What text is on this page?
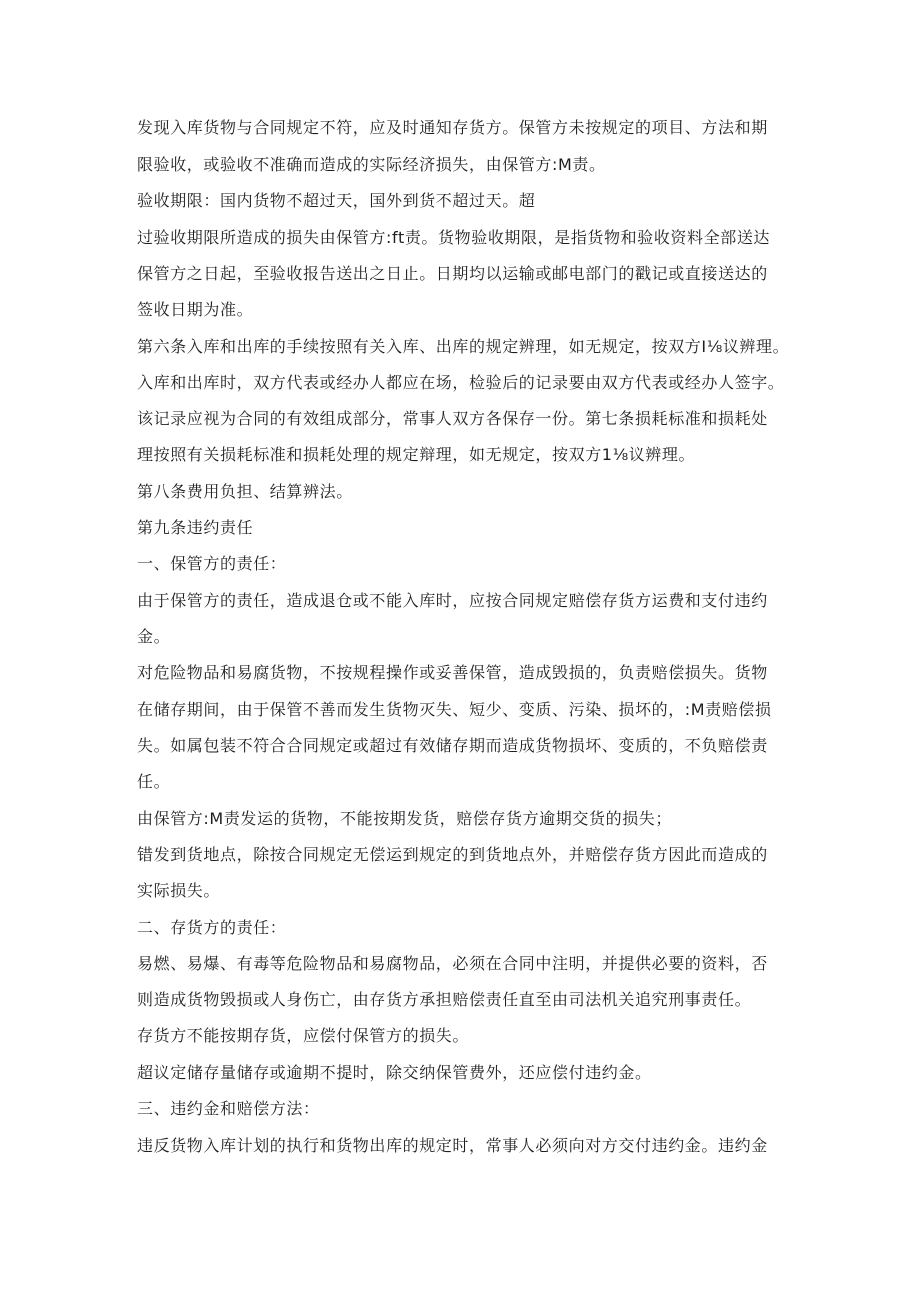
发现入库货物与合同规定不符，应及时通知存货方。保管方未按规定的项目、方法和期
限验收，或验收不准确而造成的实际经济损失，由保管方:M责。
验收期限：国内货物不超过天，国外到货不超过天。超
过验收期限所造成的损失由保管方:ft责。货物验收期限，是指货物和验收资料全部送达
保管方之日起，至验收报告送出之日止。日期均以运输或邮电部门的戳记或直接送达的
签收日期为准。
第六条入库和出库的手续按照有关入库、出库的规定辨理，如无规定，按双方I⅛议辨理。
入库和出库时，双方代表或经办人都应在场，检验后的记录要由双方代表或经办人签字。
该记录应视为合同的有效组成部分，常事人双方各保存一份。第七条损耗标准和损耗处
理按照有关损耗标准和损耗处理的规定辩理，如无规定，按双方1⅛议辨理。
第八条费用负担、结算辨法。
第九条违约责任
一、保管方的责任：
由于保管方的责任，造成退仓或不能入库时，应按合同规定赔偿存货方运费和支付违约
金。
对危险物品和易腐货物，不按规程操作或妥善保管，造成毁损的，负责赔偿损失。货物
在储存期间，由于保管不善而发生货物灭失、短少、变质、污染、损坏的，:M责赔偿损
失。如属包装不符合合同规定或超过有效储存期而造成货物损坏、变质的，不负赔偿责
任。
由保管方:M责发运的货物，不能按期发货，赔偿存货方逾期交货的损失；
错发到货地点，除按合同规定无偿运到规定的到货地点外，并赔偿存货方因此而造成的
实际损失。
二、存货方的责任：
易燃、易爆、有毒等危险物品和易腐物品，必须在合同中注明，并提供必要的资料，否
则造成货物毁损或人身伤亡，由存货方承担赔偿责任直至由司法机关追究刑事责任。
存货方不能按期存货，应偿付保管方的损失。
超议定储存量储存或逾期不提时，除交纳保管费外，还应偿付违约金。
三、违约金和赔偿方法：
违反货物入库计划的执行和货物出库的规定时，常事人必须向对方交付违约金。违约金
